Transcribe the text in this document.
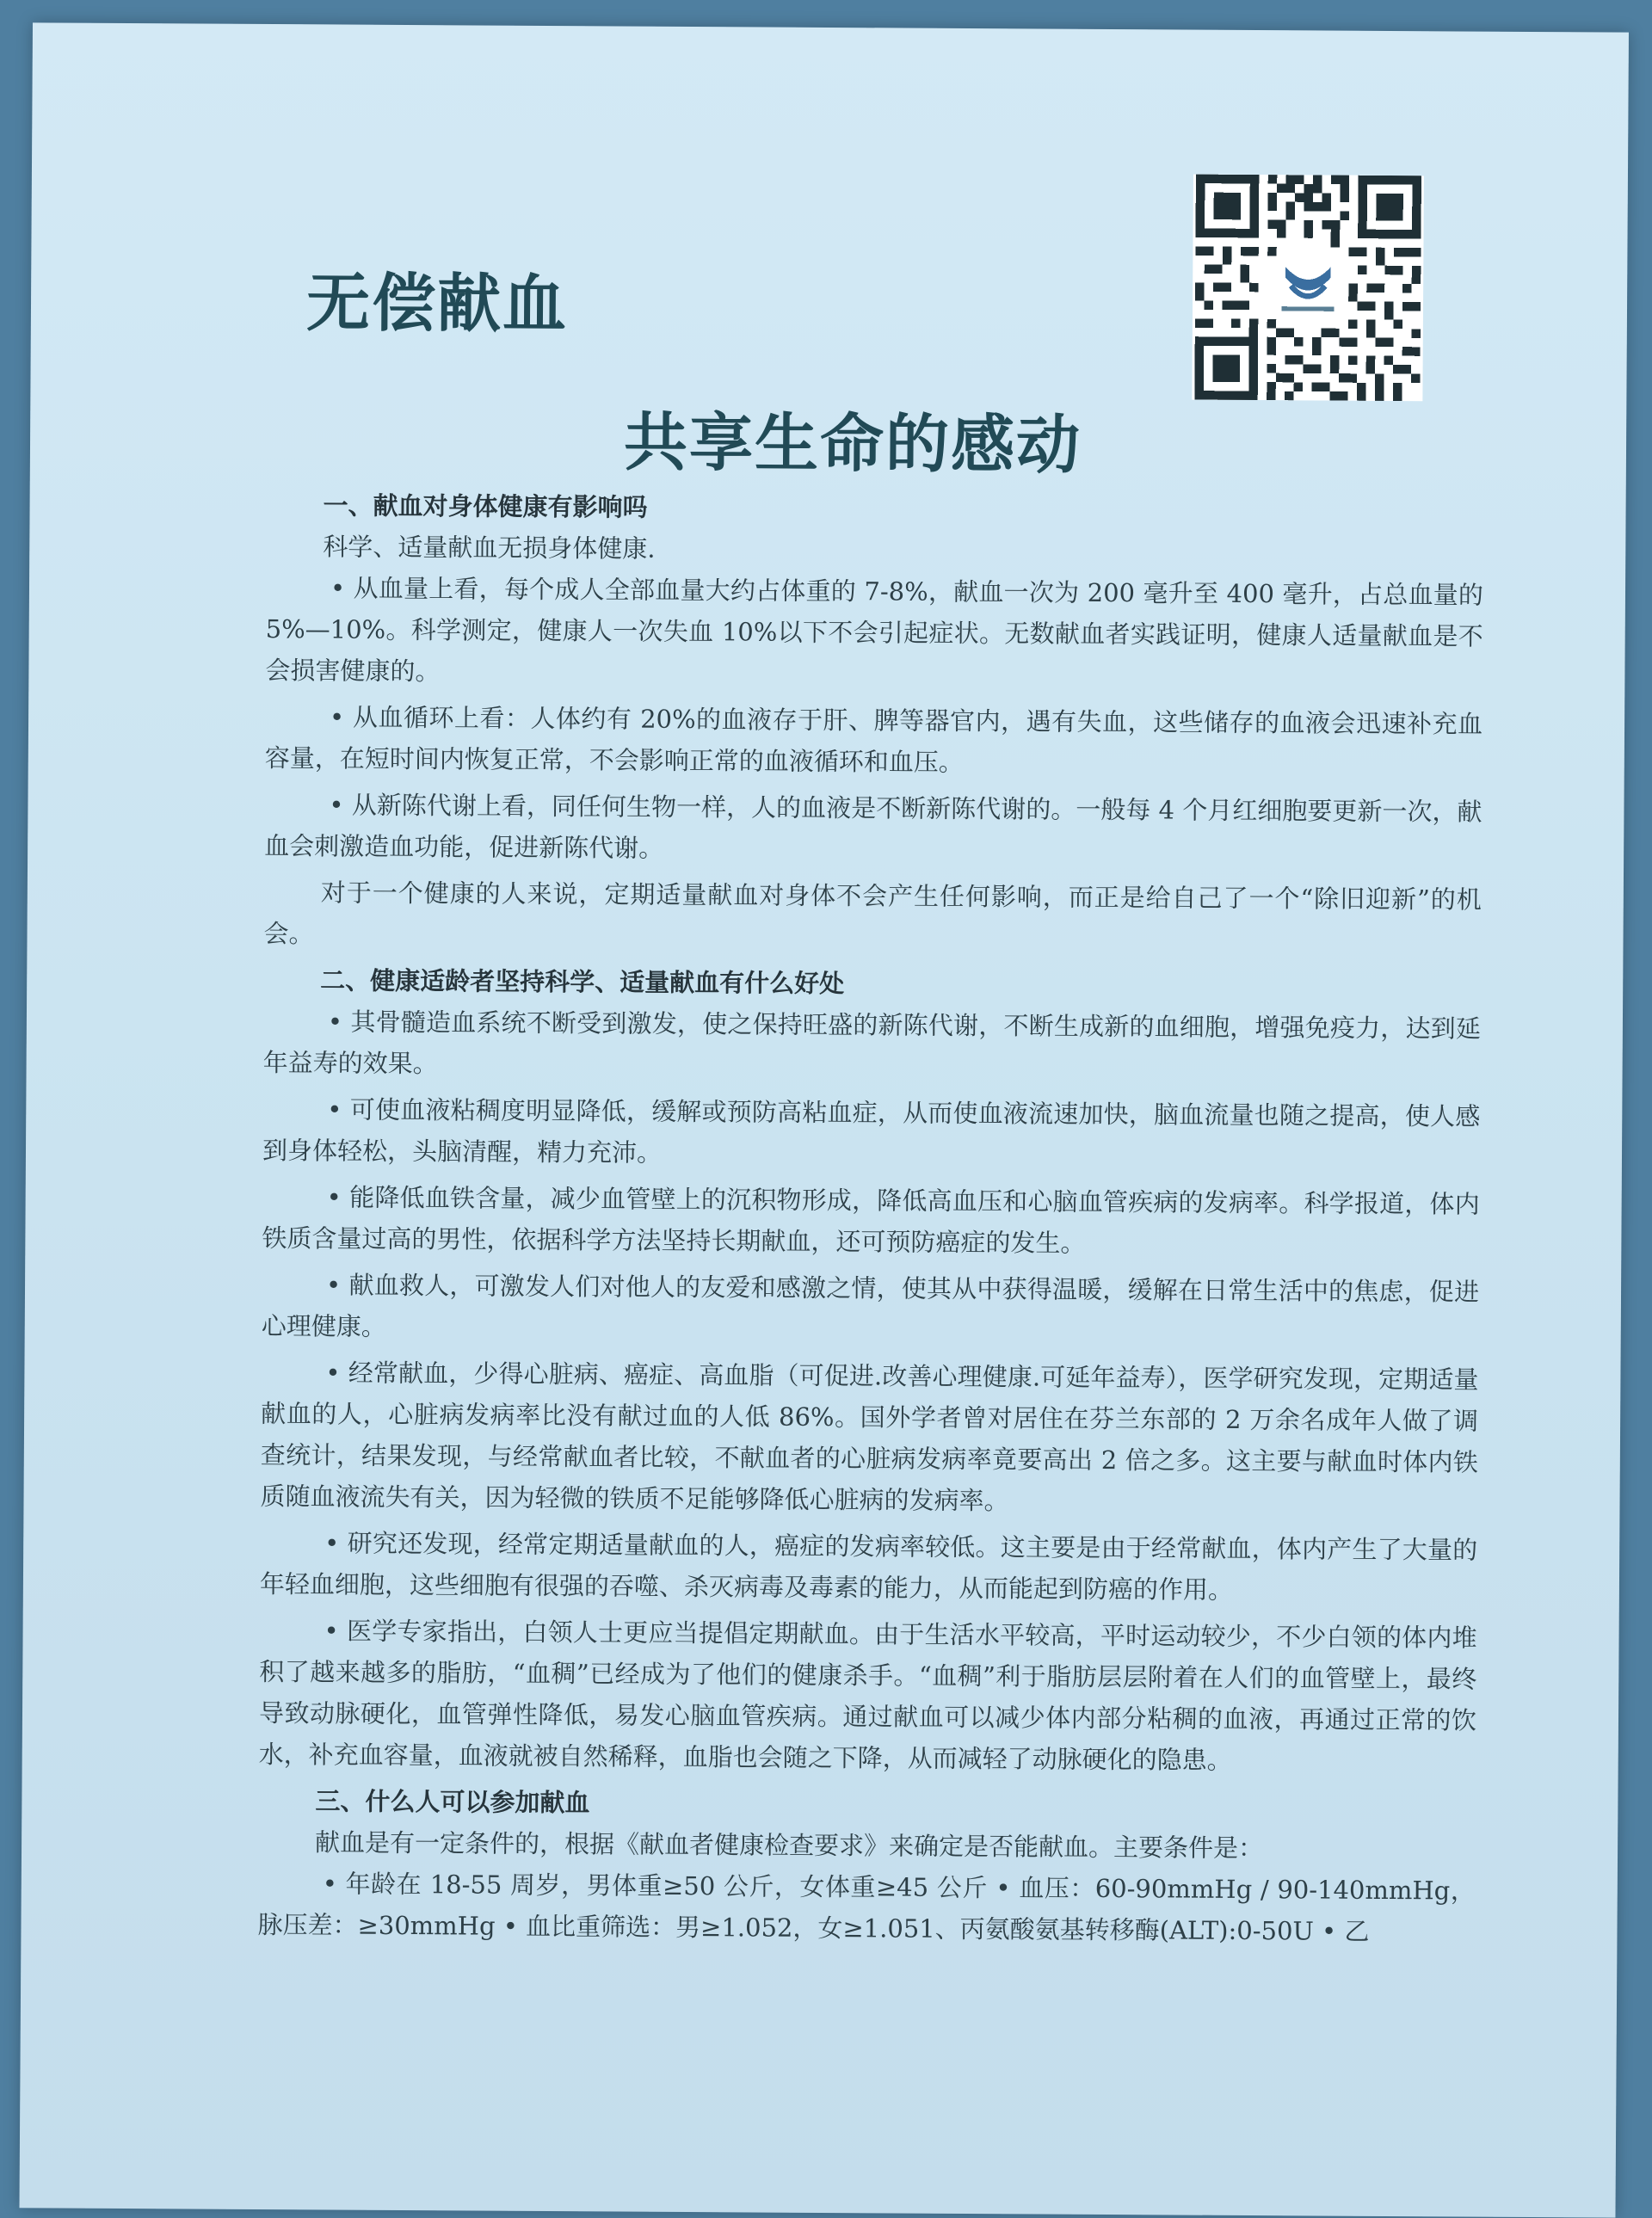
无偿献血
共享生命的感动

一、献血对身体健康有影响吗

科学、适量献血无损身体健康.

• 从血量上看，每个成人全部血量大约占体重的 7-8%，献血一次为 200 毫升至 400 毫升，占总血量的 5%—10%。科学测定，健康人一次失血 10%以下不会引起症状。无数献血者实践证明，健康人适量献血是不会损害健康的。

• 从血循环上看：人体约有 20%的血液存于肝、脾等器官内，遇有失血，这些储存的血液会迅速补充血容量，在短时间内恢复正常，不会影响正常的血液循环和血压。

• 从新陈代谢上看，同任何生物一样，人的血液是不断新陈代谢的。一般每 4 个月红细胞要更新一次，献血会刺激造血功能，促进新陈代谢。

对于一个健康的人来说，定期适量献血对身体不会产生任何影响，而正是给自己了一个“除旧迎新”的机会。

二、健康适龄者坚持科学、适量献血有什么好处

• 其骨髓造血系统不断受到激发，使之保持旺盛的新陈代谢，不断生成新的血细胞，增强免疫力，达到延年益寿的效果。

• 可使血液粘稠度明显降低，缓解或预防高粘血症，从而使血液流速加快，脑血流量也随之提高，使人感到身体轻松，头脑清醒，精力充沛。

• 能降低血铁含量，减少血管壁上的沉积物形成，降低高血压和心脑血管疾病的发病率。科学报道，体内铁质含量过高的男性，依据科学方法坚持长期献血，还可预防癌症的发生。

• 献血救人，可激发人们对他人的友爱和感激之情，使其从中获得温暖，缓解在日常生活中的焦虑，促进心理健康。

• 经常献血，少得心脏病、癌症、高血脂（可促进.改善心理健康.可延年益寿），医学研究发现，定期适量献血的人，心脏病发病率比没有献过血的人低 86%。国外学者曾对居住在芬兰东部的 2 万余名成年人做了调查统计，结果发现，与经常献血者比较，不献血者的心脏病发病率竟要高出 2 倍之多。这主要与献血时体内铁质随血液流失有关，因为轻微的铁质不足能够降低心脏病的发病率。

• 研究还发现，经常定期适量献血的人，癌症的发病率较低。这主要是由于经常献血，体内产生了大量的年轻血细胞，这些细胞有很强的吞噬、杀灭病毒及毒素的能力，从而能起到防癌的作用。

• 医学专家指出，白领人士更应当提倡定期献血。由于生活水平较高，平时运动较少，不少白领的体内堆积了越来越多的脂肪，“血稠”已经成为了他们的健康杀手。“血稠”利于脂肪层层附着在人们的血管壁上，最终导致动脉硬化，血管弹性降低，易发心脑血管疾病。通过献血可以减少体内部分粘稠的血液，再通过正常的饮水，补充血容量，血液就被自然稀释，血脂也会随之下降，从而减轻了动脉硬化的隐患。

三、什么人可以参加献血

献血是有一定条件的，根据《献血者健康检查要求》来确定是否能献血。主要条件是：

• 年龄在 18-55 周岁，男体重≥50 公斤，女体重≥45 公斤 • 血压：60-90mmHg / 90-140mmHg，脉压差：≥30mmHg • 血比重筛选：男≥1.052，女≥1.051、丙氨酸氨基转移酶(ALT):0-50U • 乙
